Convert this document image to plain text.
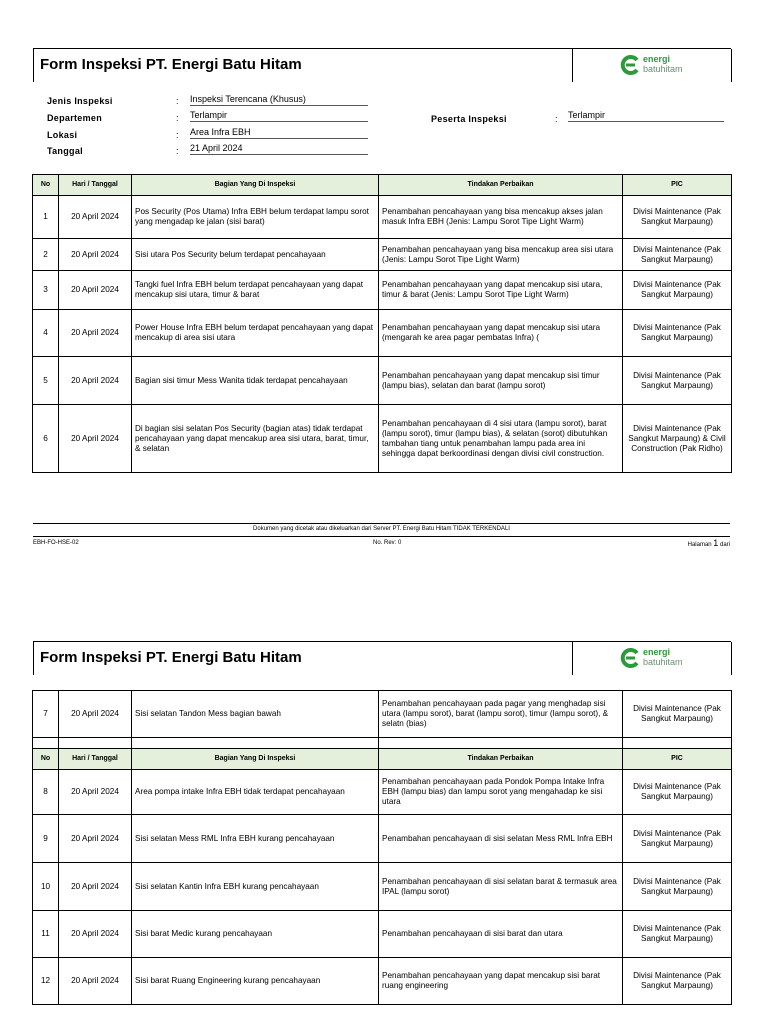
Form Inspeksi PT. Energi Batu Hitam	energi
batuhitam
Jenis Inspeksi	: Inspeksi Terencana (Khusus)
Departemen	: Terlampir
Lokasi	: Area Infra EBH
Tanggal	: 21 April 2024
Peserta Inspeksi	: Terlampir
No	Hari / Tanggal	Bagian Yang Di Inspeksi	Tindakan Perbaikan	PIC
1	20 April 2024	Pos Security (Pos Utama) Infra EBH belum terdapat lampu sorot yang mengadap ke jalan (sisi barat)	Penambahan pencahayaan yang bisa mencakup akses jalan masuk Infra EBH (Jenis: Lampu Sorot Tipe Light Warm)	Divisi Maintenance (Pak Sangkut Marpaung)
2	20 April 2024	Sisi utara Pos Security belum terdapat pencahayaan	Penambahan pencahayaan yang bisa mencakup area sisi utara (Jenis: Lampu Sorot Tipe Light Warm)	Divisi Maintenance (Pak Sangkut Marpaung)
3	20 April 2024	Tangki fuel Infra EBH belum terdapat pencahayaan yang dapat mencakup sisi utara, timur & barat	Penambahan pencahayaan yang dapat mencakup sisi utara, timur & barat (Jenis: Lampu Sorot Tipe Light Warm)	Divisi Maintenance (Pak Sangkut Marpaung)
4	20 April 2024	Power House Infra EBH belum terdapat pencahayaan yang dapat mencakup di area sisi utara	Penambahan pencahayaan yang dapat mencakup sisi utara (mengarah ke area pagar pembatas Infra) (	Divisi Maintenance (Pak Sangkut Marpaung)
5	20 April 2024	Bagian sisi timur Mess Wanita tidak terdapat pencahayaan	Penambahan pencahayaan yang dapat mencakup sisi timur (lampu bias), selatan dan barat (lampu sorot)	Divisi Maintenance (Pak Sangkut Marpaung)
6	20 April 2024	Di bagian sisi selatan Pos Security (bagian atas) tidak terdapat pencahayaan yang dapat mencakup area sisi utara, barat, timur, & selatan	Penambahan pencahayaan di 4 sisi utara (lampu sorot), barat (lampu sorot), timur (lampu bias), & selatan (sorot) dibutuhkan tambahan tiang untuk penambahan lampu pada area ini sehingga dapat berkoordinasi dengan divisi civil construction.	Divisi Maintenance (Pak Sangkut Marpaung) & Civil Construction (Pak Ridho)
Dokumen yang dicetak atau dikeluarkan dari Server PT. Energi Batu Hitam TIDAK TERKENDALI
EBH-FO-HSE-02	No. Rev: 0	Halaman 1 dari
Form Inspeksi PT. Energi Batu Hitam	energi
batuhitam
7	20 April 2024	Sisi selatan Tandon Mess bagian bawah	Penambahan pencahayaan pada pagar yang menghadap sisi utara (lampu sorot), barat (lampu sorot), timur (lampu sorot), & selatn (bias)	Divisi Maintenance (Pak Sangkut Marpaung)

No	Hari / Tanggal	Bagian Yang Di Inspeksi	Tindakan Perbaikan	PIC
8	20 April 2024	Area pompa intake Infra EBH tidak terdapat pencahayaan	Penambahan pencahayaan pada Pondok Pompa Intake Infra EBH (lampu bias) dan lampu sorot yang mengahadap ke sisi utara	Divisi Maintenance (Pak Sangkut Marpaung)
9	20 April 2024	Sisi selatan Mess RML Infra EBH kurang pencahayaan	Penambahan pencahayaan di sisi selatan Mess RML Infra EBH	Divisi Maintenance (Pak Sangkut Marpaung)
10	20 April 2024	Sisi selatan Kantin Infra EBH kurang pencahayaan	Penambahan pencahayaan di sisi selatan barat & termasuk area IPAL (lampu sorot)	Divisi Maintenance (Pak Sangkut Marpaung)
11	20 April 2024	Sisi barat Medic kurang pencahayaan	Penambahan pencahayaan di sisi barat dan utara	Divisi Maintenance (Pak Sangkut Marpaung)
12	20 April 2024	Sisi barat Ruang Engineering kurang pencahayaan	Penambahan pencahayaan yang dapat mencakup sisi barat ruang engineering	Divisi Maintenance (Pak Sangkut Marpaung)
